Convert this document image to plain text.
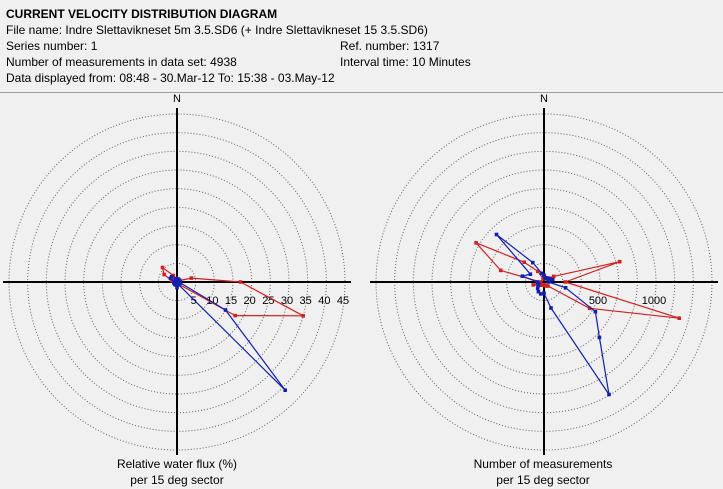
CURRENT VELOCITY DISTRIBUTION DIAGRAM
File name: Indre Slettavikneset 5m 3.5.SD6 (+ Indre Slettavikneset 15 3.5.SD6)
Series number: 1	Ref. number: 1317
Number of measurements in data set: 4938	Interval time: 10 Minutes
Data displayed from: 08:48 - 30.Mar-12 To: 15:38 - 03.May-12
N
5 10 15 20 25 30 35 40 45
N
500	1000
Relative water flux (%)
per 15 deg sector
Number of measurements
per 15 deg sector
